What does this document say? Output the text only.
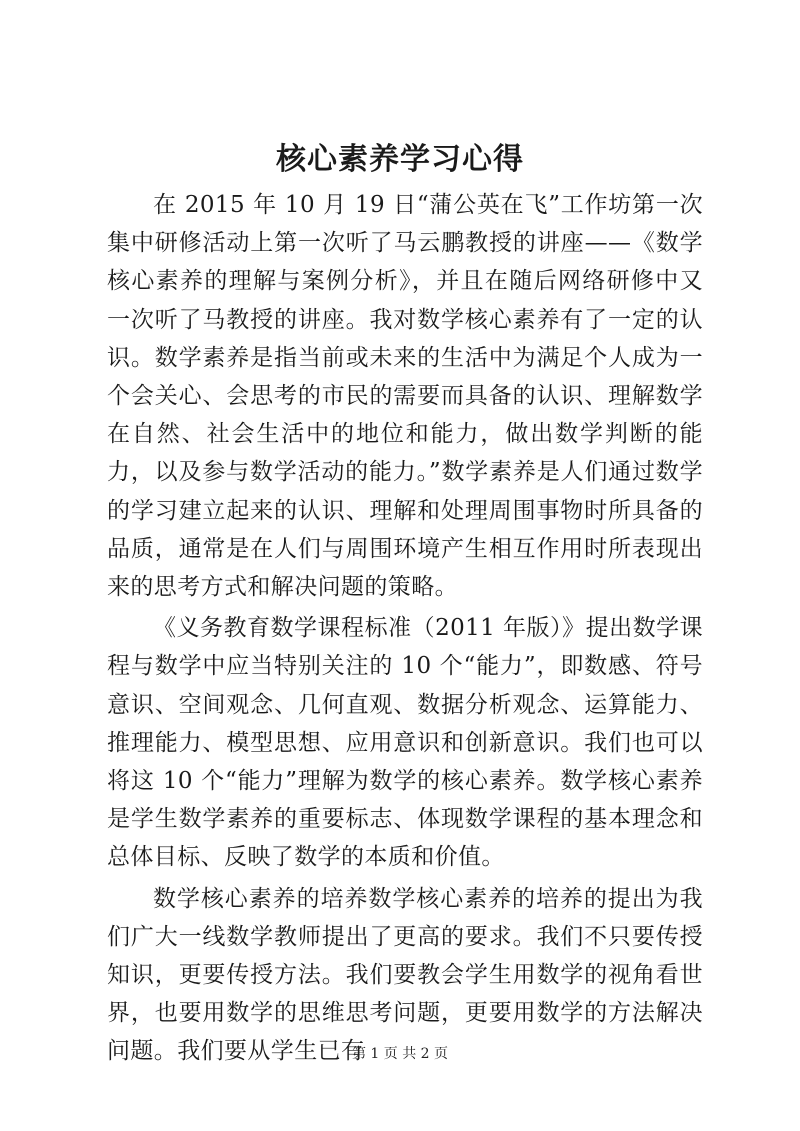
核心素养学习心得

在 2015 年 10 月 19 日“蒲公英在飞”工作坊第一次集中研修活动上第一次听了马云鹏教授的讲座——《数学核心素养的理解与案例分析》，并且在随后网络研修中又一次听了马教授的讲座。我对数学核心素养有了一定的认识。数学素养是指当前或未来的生活中为满足个人成为一个会关心、会思考的市民的需要而具备的认识、理解数学在自然、社会生活中的地位和能力，做出数学判断的能力，以及参与数学活动的能力。”数学素养是人们通过数学的学习建立起来的认识、理解和处理周围事物时所具备的品质，通常是在人们与周围环境产生相互作用时所表现出来的思考方式和解决问题的策略。

《义务教育数学课程标准（2011 年版）》提出数学课程与数学中应当特别关注的 10 个“能力”，即数感、符号意识、空间观念、几何直观、数据分析观念、运算能力、推理能力、模型思想、应用意识和创新意识。我们也可以将这 10 个“能力”理解为数学的核心素养。数学核心素养是学生数学素养的重要标志、体现数学课程的基本理念和总体目标、反映了数学的本质和价值。

数学核心素养的培养数学核心素养的培养的提出为我们广大一线数学教师提出了更高的要求。我们不只要传授知识，更要传授方法。我们要教会学生用数学的视角看世界，也要用数学的思维思考问题，更要用数学的方法解决问题。我们要从学生已有

第 1 页 共 2 页
